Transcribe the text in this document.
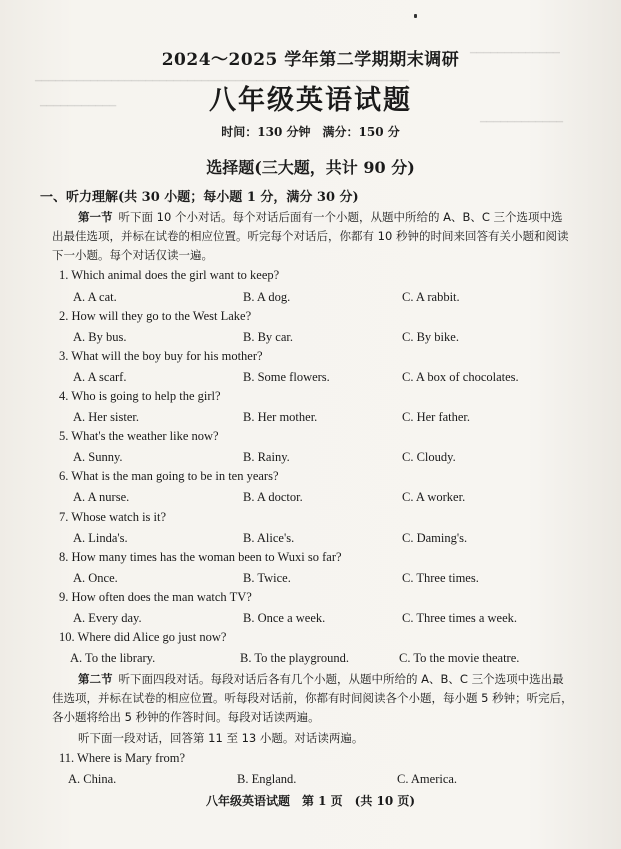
▁▁▁▁▁▁▁▁▁▁▁▁▁
▁▁▁▁▁▁▁▁▁▁▁▁▁▁▁▁▁▁▁▁▁▁▁▁▁▁▁▁▁▁▁▁▁▁▁▁▁▁▁▁▁▁▁▁▁▁▁▁▁▁▁▁▁▁
▁▁▁▁▁▁▁▁▁▁▁
▁▁▁▁▁▁▁▁▁▁▁▁
2024～2025 学年第二学期期末调研
八年级英语试题
时间：130 分钟　满分：150 分
选择题(三大题，共计 90 分)
一、听力理解(共 30 小题；每小题 1 分，满分 30 分)
第一节 听下面 10 个小对话。每个对话后面有一个小题，从题中所给的 A、B、C 三个选项中选出最佳选项，并标在试卷的相应位置。听完每个对话后，你都有 10 秒钟的时间来回答有关小题和阅读下一小题。每个对话仅读一遍。
1. Which animal does the girl want to keep?
A. A cat.	B. A dog.	C. A rabbit.
2. How will they go to the West Lake?
A. By bus.	B. By car.	C. By bike.
3. What will the boy buy for his mother?
A. A scarf.	B. Some flowers.	C. A box of chocolates.
4. Who is going to help the girl?
A. Her sister.	B. Her mother.	C. Her father.
5. What's the weather like now?
A. Sunny.	B. Rainy.	C. Cloudy.
6. What is the man going to be in ten years?
A. A nurse.	B. A doctor.	C. A worker.
7. Whose watch is it?
A. Linda's.	B. Alice's.	C. Daming's.
8. How many times has the woman been to Wuxi so far?
A. Once.	B. Twice.	C. Three times.
9. How often does the man watch TV?
A. Every day.	B. Once a week.	C. Three times a week.
10. Where did Alice go just now?
A. To the library.	B. To the playground.	C. To the movie theatre.
第二节 听下面四段对话。每段对话后各有几个小题，从题中所给的 A、B、C 三个选项中选出最佳选项，并标在试卷的相应位置。听每段对话前，你都有时间阅读各个小题，每小题 5 秒钟；听完后，各小题将给出 5 秒钟的作答时间。每段对话读两遍。
听下面一段对话，回答第 11 至 13 小题。对话读两遍。
11. Where is Mary from?
A. China.	B. England.	C. America.
八年级英语试题　第 1 页　(共 10 页)
